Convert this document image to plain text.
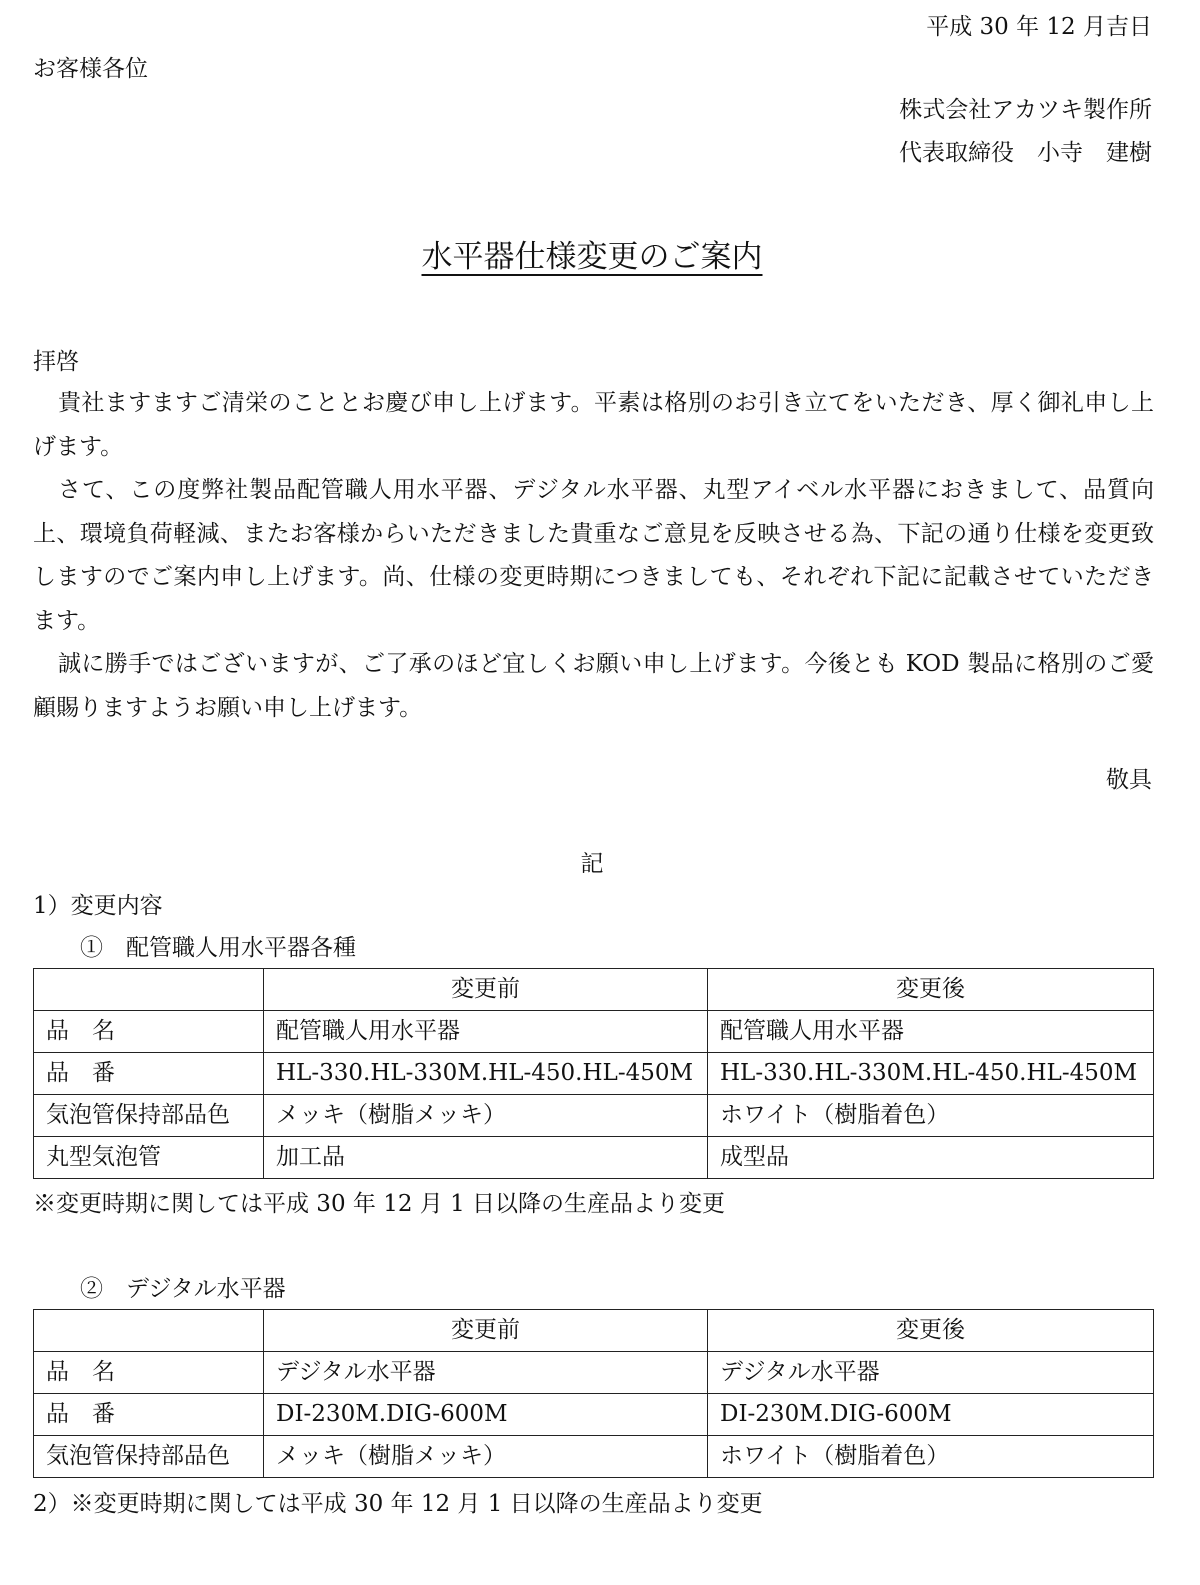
平成 30 年 12 月吉日
お客様各位
株式会社アカツキ製作所
代表取締役　小寺　建樹
水平器仕様変更のご案内
拝啓

貴社ますますご清栄のこととお慶び申し上げます。平素は格別のお引き立てをいただき、厚く御礼申し上げます。

さて、この度弊社製品配管職人用水平器、デジタル水平器、丸型アイベル水平器におきまして、品質向上、環境負荷軽減、またお客様からいただきました貴重なご意見を反映させる為、下記の通り仕様を変更致しますのでご案内申し上げます。尚、仕様の変更時期につきましても、それぞれ下記に記載させていただきます。

誠に勝手ではございますが、ご了承のほど宜しくお願い申し上げます。今後とも KOD 製品に格別のご愛顧賜りますようお願い申し上げます。

敬具
記
1）変更内容
①　配管職人用水平器各種
	変更前	変更後
品　名	配管職人用水平器	配管職人用水平器
品　番	HL-330.HL-330M.HL-450.HL-450M	HL-330.HL-330M.HL-450.HL-450M
気泡管保持部品色	メッキ（樹脂メッキ）	ホワイト（樹脂着色）
丸型気泡管	加工品	成型品
※変更時期に関しては平成 30 年 12 月 1 日以降の生産品より変更
②　デジタル水平器
	変更前	変更後
品　名	デジタル水平器	デジタル水平器
品　番	DI-230M.DIG-600M	DI-230M.DIG-600M
気泡管保持部品色	メッキ（樹脂メッキ）	ホワイト（樹脂着色）
2）※変更時期に関しては平成 30 年 12 月 1 日以降の生産品より変更
